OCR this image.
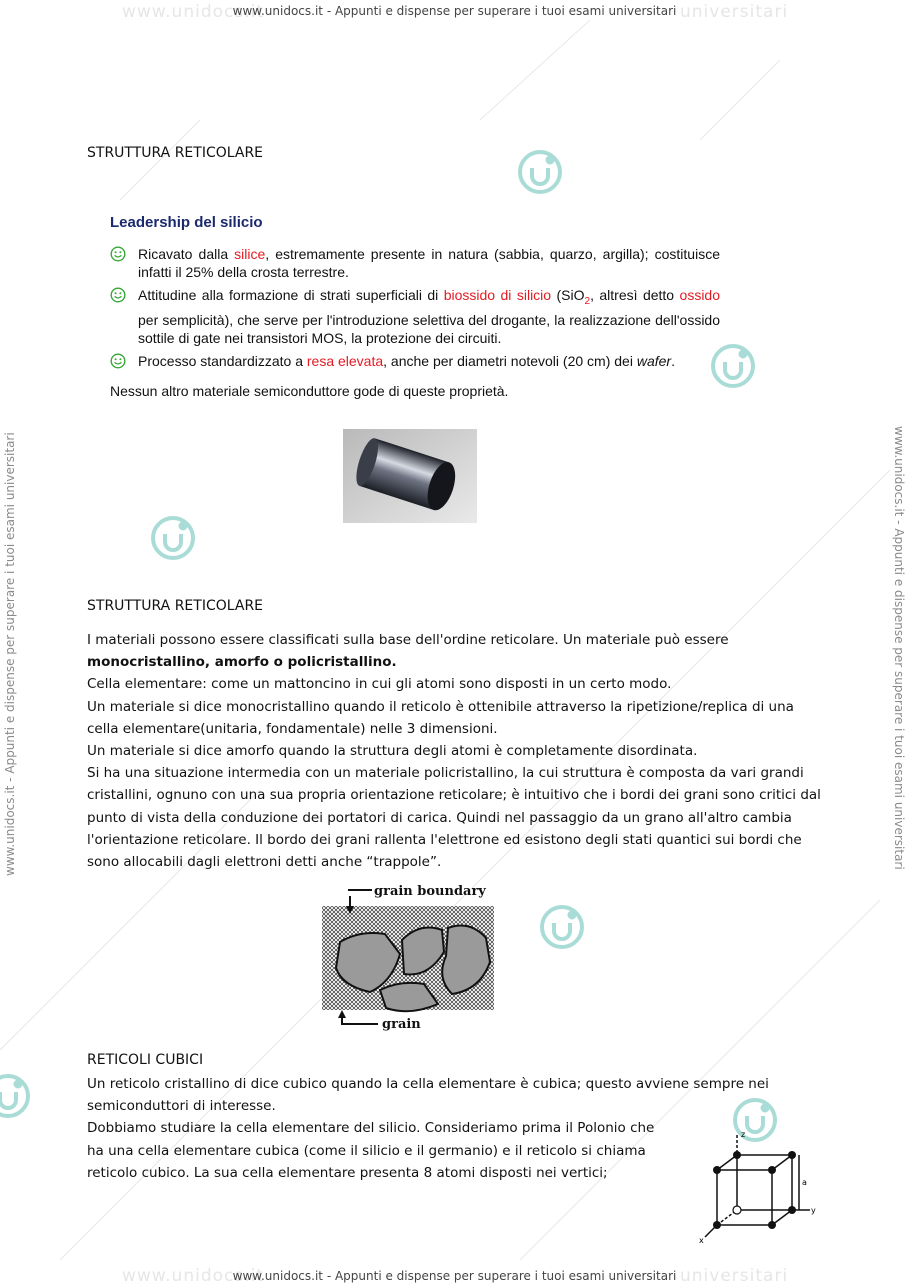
www.unidocs.it	universitari
www.unidocs.it	universitari
www.unidocs.it - Appunti e dispense per superare i tuoi esami universitari
www.unidocs.it - Appunti e dispense per superare i tuoi esami universitari
www.unidocs.it - Appunti e dispense per superare i tuoi esami universitari	www.unidocs.it - Appunti e dispense per superare i tuoi esami universitari
STRUTTURA RETICOLARE
Leadership del silicio
Ricavato dalla silice, estremamente presente in natura (sabbia, quarzo, argilla); costituisce infatti il 25% della crosta terrestre.
Attitudine alla formazione di strati superficiali di biossido di silicio (SiO$_2$, altresì detto ossido per semplicità), che serve per l'introduzione selettiva del drogante, la realizzazione dell'ossido sottile di gate nei transistori MOS, la protezione dei circuiti.
Processo standardizzato a resa elevata, anche per diametri notevoli (20 cm) dei wafer.
Nessun altro materiale semiconduttore gode di queste proprietà.
STRUTTURA RETICOLARE

I materiali possono essere classificati sulla base dell'ordine reticolare. Un materiale può essere
monocristallino, amorfo o policristallino.

Cella elementare: come un mattoncino in cui gli atomi sono disposti in un certo modo.

Un materiale si dice monocristallino quando il reticolo è ottenibile attraverso la ripetizione/replica di una cella elementare(unitaria, fondamentale) nelle 3 dimensioni.

Un materiale si dice amorfo quando la struttura degli atomi è completamente disordinata.

Si ha una situazione intermedia con un materiale policristallino, la cui struttura è composta da vari grandi cristallini, ognuno con una sua propria orientazione reticolare; è intuitivo che i bordi dei grani sono critici dal punto di vista della conduzione dei portatori di carica. Quindi nel passaggio da un grano all'altro cambia l'orientazione reticolare. Il bordo dei grani rallenta l'elettrone ed esistono degli stati quantici sui bordi che sono allocabili dagli elettroni detti anche “trappole”.

grain boundary
grain
RETICOLI CUBICI

Un reticolo cristallino di dice cubico quando la cella elementare è cubica; questo avviene sempre nei semiconduttori di interesse.

Dobbiamo studiare la cella elementare del silicio. Consideriamo prima il Polonio che

ha una cella elementare cubica (come il silicio e il germanio) e il reticolo si chiama

reticolo cubico. La sua cella elementare presenta 8 atomi disposti nei vertici;

z
y
x
a
